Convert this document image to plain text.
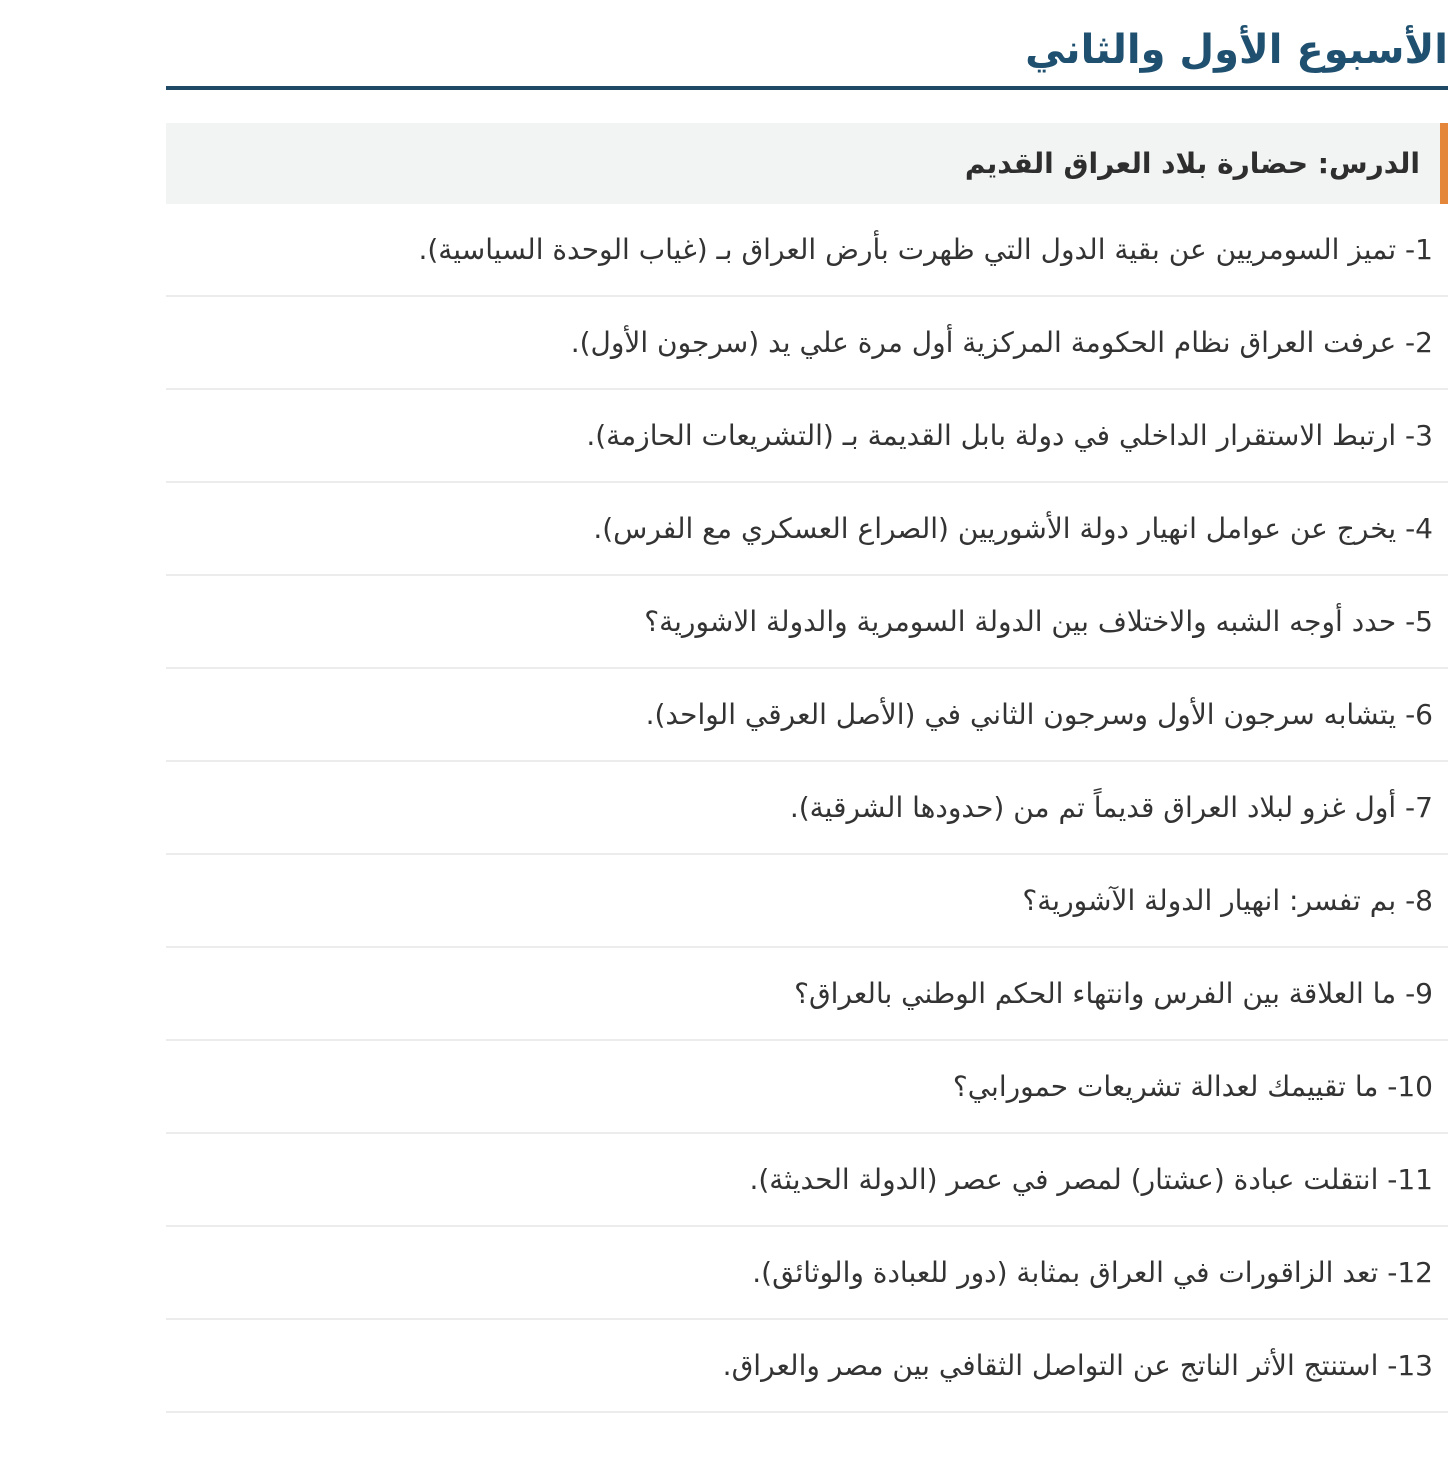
الأسبوع الأول والثاني
الدرس: حضارة بلاد العراق القديم
1- تميز السومريين عن بقية الدول التي ظهرت بأرض العراق بـ (غياب الوحدة السياسية).
2- عرفت العراق نظام الحكومة المركزية أول مرة علي يد (سرجون الأول).
3- ارتبط الاستقرار الداخلي في دولة بابل القديمة بـ (التشريعات الحازمة).
4- يخرج عن عوامل انهيار دولة الأشوريين (الصراع العسكري مع الفرس).
5- حدد أوجه الشبه والاختلاف بين الدولة السومرية والدولة الاشورية؟
6- يتشابه سرجون الأول وسرجون الثاني في (الأصل العرقي الواحد).
7- أول غزو لبلاد العراق قديماً تم من (حدودها الشرقية).
8- بم تفسر: انهيار الدولة الآشورية؟
9- ما العلاقة بين الفرس وانتهاء الحكم الوطني بالعراق؟
10- ما تقييمك لعدالة تشريعات حمورابي؟
11- انتقلت عبادة (عشتار) لمصر في عصر (الدولة الحديثة).
12- تعد الزاقورات في العراق بمثابة (دور للعبادة والوثائق).
13- استنتج الأثر الناتج عن التواصل الثقافي بين مصر والعراق.
